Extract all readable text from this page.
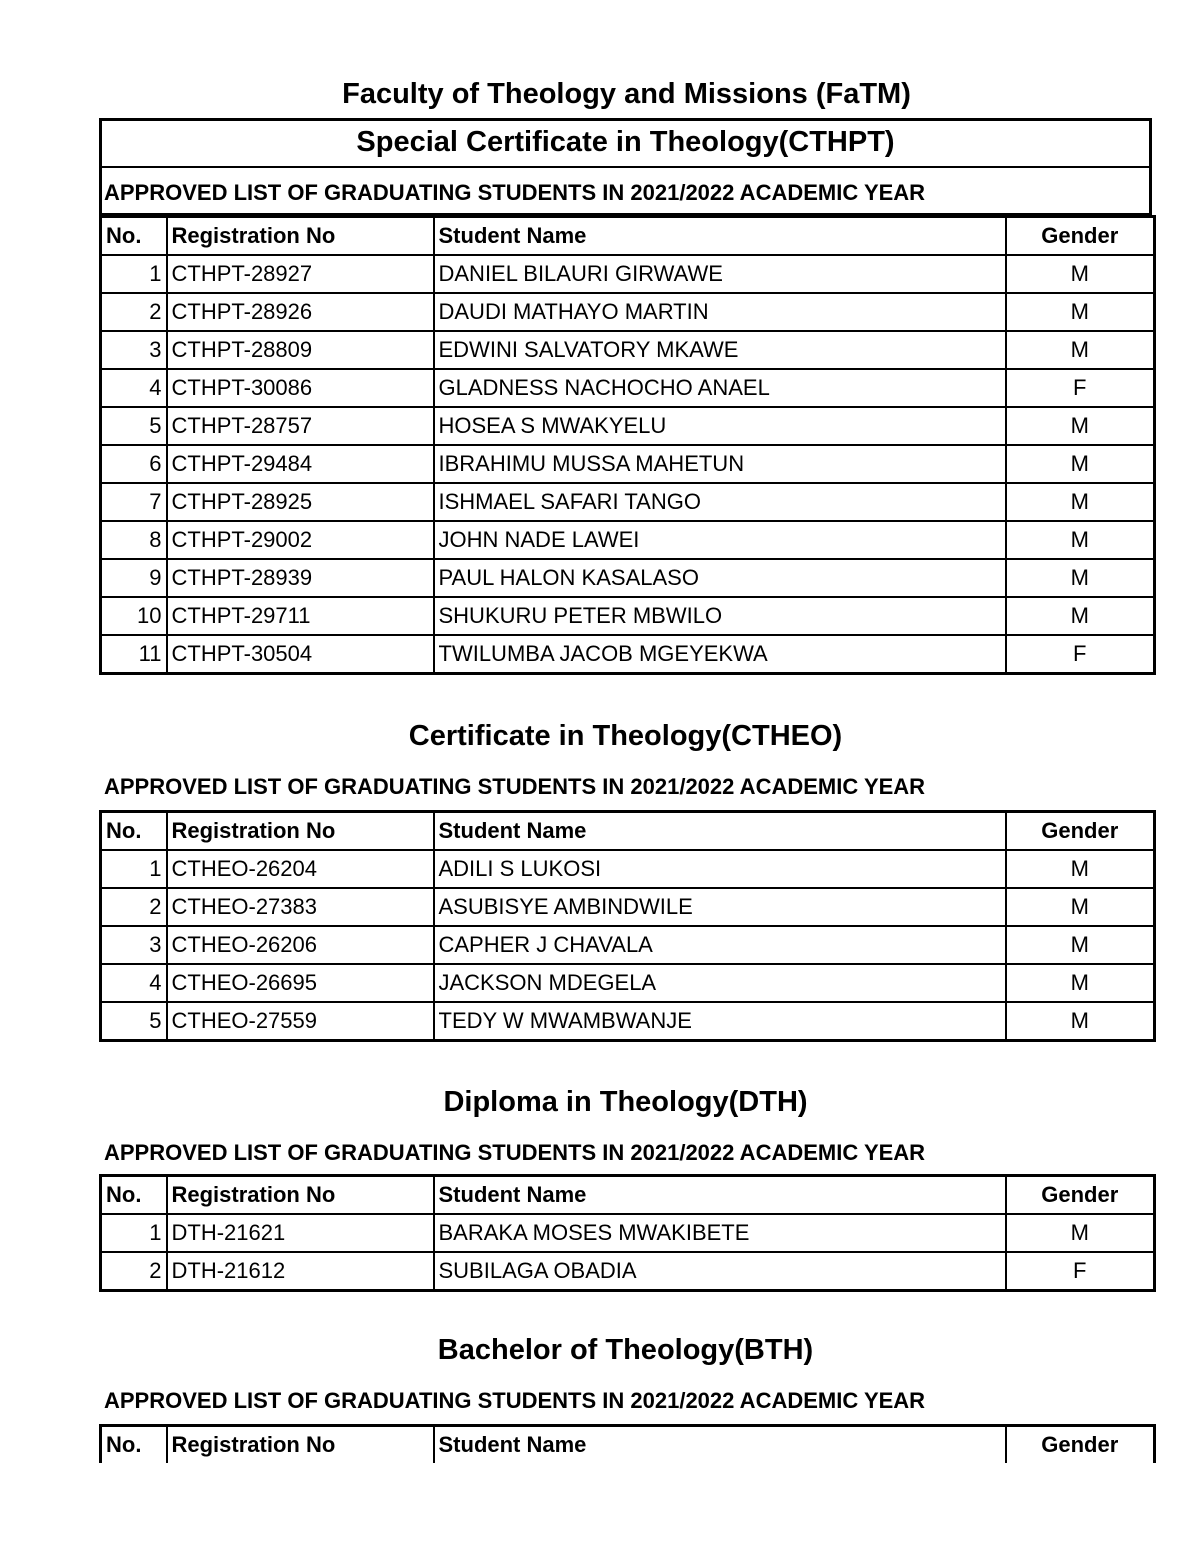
Faculty of Theology and Missions (FaTM)
Special Certificate in Theology(CTHPT)
APPROVED LIST OF GRADUATING STUDENTS IN 2021/2022 ACADEMIC YEAR
No.	Registration No	Student Name	Gender
1	CTHPT-28927	DANIEL BILAURI GIRWAWE	M
2	CTHPT-28926	DAUDI MATHAYO MARTIN	M
3	CTHPT-28809	EDWINI SALVATORY MKAWE	M
4	CTHPT-30086	GLADNESS NACHOCHO ANAEL	F
5	CTHPT-28757	HOSEA S MWAKYELU	M
6	CTHPT-29484	IBRAHIMU MUSSA MAHETUN	M
7	CTHPT-28925	ISHMAEL SAFARI TANGO	M
8	CTHPT-29002	JOHN NADE LAWEI	M
9	CTHPT-28939	PAUL HALON KASALASO	M
10	CTHPT-29711	SHUKURU PETER MBWILO	M
11	CTHPT-30504	TWILUMBA JACOB MGEYEKWA	F
Certificate in Theology(CTHEO)
APPROVED LIST OF GRADUATING STUDENTS IN 2021/2022 ACADEMIC YEAR
No.	Registration No	Student Name	Gender
1	CTHEO-26204	ADILI S LUKOSI	M
2	CTHEO-27383	ASUBISYE AMBINDWILE	M
3	CTHEO-26206	CAPHER J CHAVALA	M
4	CTHEO-26695	JACKSON MDEGELA	M
5	CTHEO-27559	TEDY W MWAMBWANJE	M
Diploma in Theology(DTH)
APPROVED LIST OF GRADUATING STUDENTS IN 2021/2022 ACADEMIC YEAR
No.	Registration No	Student Name	Gender
1	DTH-21621	BARAKA MOSES MWAKIBETE	M
2	DTH-21612	SUBILAGA OBADIA	F
Bachelor of Theology(BTH)
APPROVED LIST OF GRADUATING STUDENTS IN 2021/2022 ACADEMIC YEAR
No.	Registration No	Student Name	Gender
